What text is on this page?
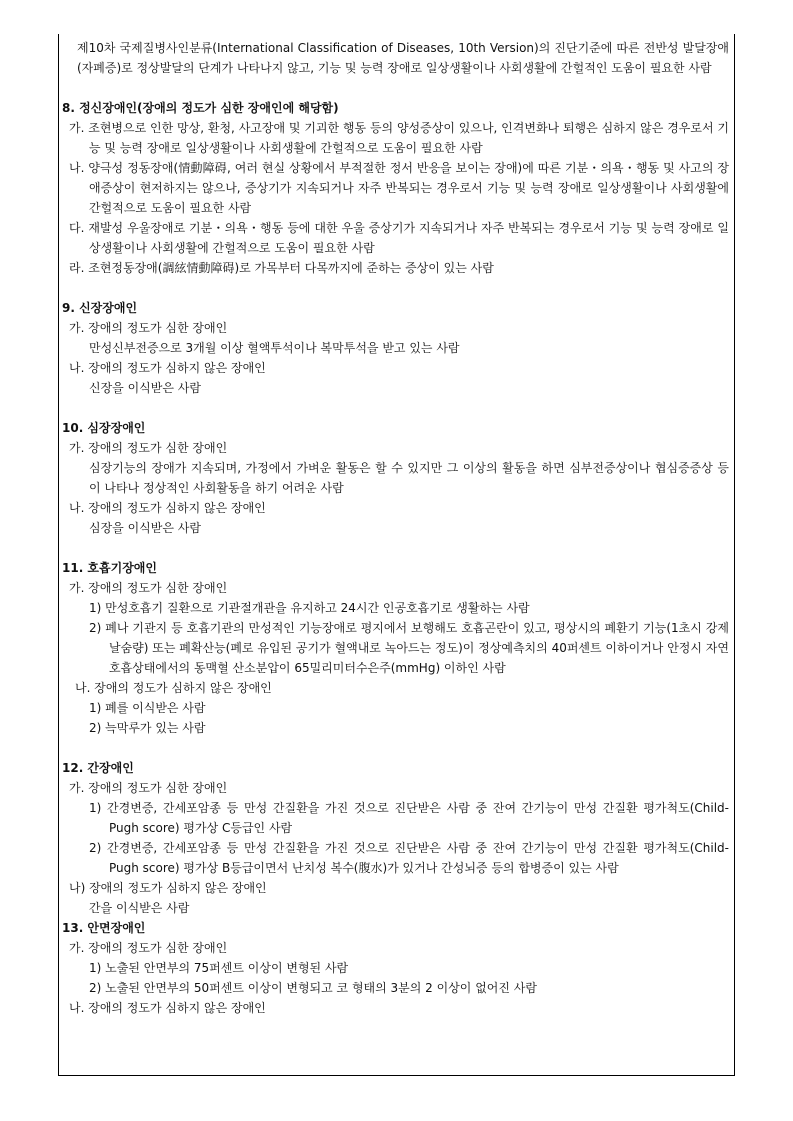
제10차 국제질병사인분류(International Classification of Diseases, 10th Version)의 진단기준에 따른 전반성 발달장애(자폐증)로 정상발달의 단계가 나타나지 않고, 기능 및 능력 장애로 일상생활이나 사회생활에 간헐적인 도움이 필요한 사람
8. 정신장애인(장애의 정도가 심한 장애인에 해당함)
가. 조현병으로 인한 망상, 환청, 사고장애 및 기괴한 행동 등의 양성증상이 있으나, 인격변화나 퇴행은 심하지 않은 경우로서 기능 및 능력 장애로 일상생활이나 사회생활에 간헐적으로 도움이 필요한 사람
나. 양극성 정동장애(情動障碍, 여러 현실 상황에서 부적절한 정서 반응을 보이는 장애)에 따른 기분・의욕・행동 및 사고의 장애증상이 현저하지는 않으나, 증상기가 지속되거나 자주 반복되는 경우로서 기능 및 능력 장애로 일상생활이나 사회생활에 간헐적으로 도움이 필요한 사람
다. 재발성 우울장애로 기분・의욕・행동 등에 대한 우울 증상기가 지속되거나 자주 반복되는 경우로서 기능 및 능력 장애로 일상생활이나 사회생활에 간헐적으로 도움이 필요한 사람
라. 조현정동장애(調絃情動障碍)로 가목부터 다목까지에 준하는 증상이 있는 사람
9. 신장장애인
가. 장애의 정도가 심한 장애인
만성신부전증으로 3개월 이상 혈액투석이나 복막투석을 받고 있는 사람
나. 장애의 정도가 심하지 않은 장애인
신장을 이식받은 사람
10. 심장장애인
가. 장애의 정도가 심한 장애인
심장기능의 장애가 지속되며, 가정에서 가벼운 활동은 할 수 있지만 그 이상의 활동을 하면 심부전증상이나 협심증증상 등이 나타나 정상적인 사회활동을 하기 어려운 사람
나. 장애의 정도가 심하지 않은 장애인
심장을 이식받은 사람
11. 호흡기장애인
가. 장애의 정도가 심한 장애인
1) 만성호흡기 질환으로 기관절개관을 유지하고 24시간 인공호흡기로 생활하는 사람
2) 폐나 기관지 등 호흡기관의 만성적인 기능장애로 평지에서 보행해도 호흡곤란이 있고, 평상시의 폐환기 기능(1초시 강제날숨량) 또는 폐확산능(폐로 유입된 공기가 혈액내로 녹아드는 정도)이 정상예측치의 40퍼센트 이하이거나 안정시 자연호흡상태에서의 동맥혈 산소분압이 65밀리미터수은주(mmHg) 이하인 사람
나. 장애의 정도가 심하지 않은 장애인
1) 폐를 이식받은 사람
2) 늑막루가 있는 사람
12. 간장애인
가. 장애의 정도가 심한 장애인
1) 간경변증, 간세포암종 등 만성 간질환을 가진 것으로 진단받은 사람 중 잔여 간기능이 만성 간질환 평가척도(Child-Pugh score) 평가상 C등급인 사람
2) 간경변증, 간세포암종 등 만성 간질환을 가진 것으로 진단받은 사람 중 잔여 간기능이 만성 간질환 평가척도(Child-Pugh score) 평가상 B등급이면서 난치성 복수(腹水)가 있거나 간성뇌증 등의 합병증이 있는 사람
나) 장애의 정도가 심하지 않은 장애인
간을 이식받은 사람
13. 안면장애인
가. 장애의 정도가 심한 장애인
1) 노출된 안면부의 75퍼센트 이상이 변형된 사람
2) 노출된 안면부의 50퍼센트 이상이 변형되고 코 형태의 3분의 2 이상이 없어진 사람
나. 장애의 정도가 심하지 않은 장애인
